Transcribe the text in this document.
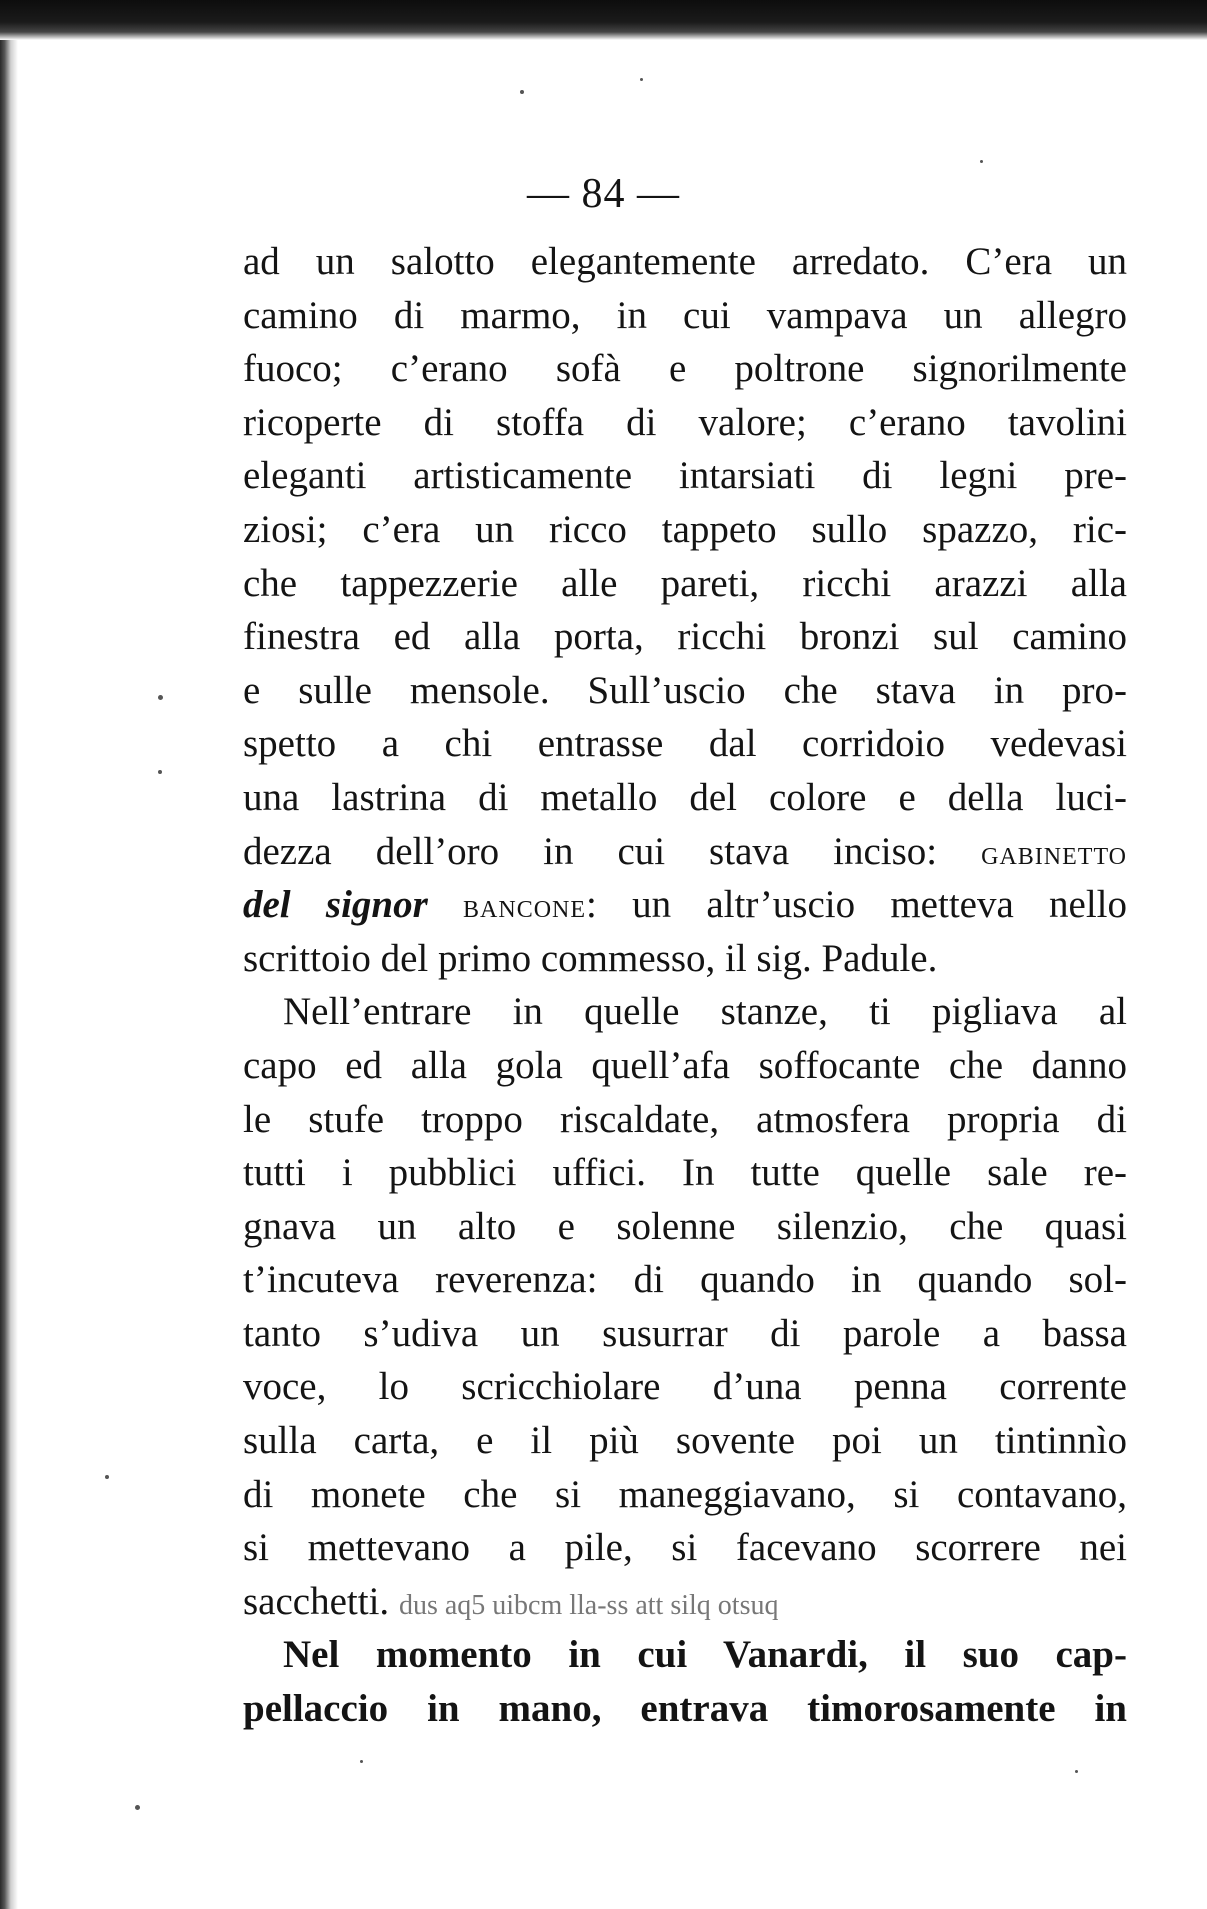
— 84 —
ad un salotto elegantemente arredato. C’era un
camino di marmo, in cui vampava un allegro
fuoco; c’erano sofà e poltrone signorilmente
ricoperte di stoffa di valore; c’erano tavolini
eleganti artisticamente intarsiati di legni pre-
ziosi; c’era un ricco tappeto sullo spazzo, ric-
che tappezzerie alle pareti, ricchi arazzi alla
finestra ed alla porta, ricchi bronzi sul camino
e sulle mensole. Sull’uscio che stava in pro-
spetto a chi entrasse dal corridoio vedevasi
una lastrina di metallo del colore e della luci-
dezza dell’oro in cui stava inciso: gabinetto
del signor bancone: un altr’uscio metteva nello
scrittoio del primo commesso, il sig. Padule.
Nell’entrare in quelle stanze, ti pigliava al
capo ed alla gola quell’afa soffocante che danno
le stufe troppo riscaldate, atmosfera propria di
tutti i pubblici uffici. In tutte quelle sale re-
gnava un alto e solenne silenzio, che quasi
t’incuteva reverenza: di quando in quando sol-
tanto s’udiva un susurrar di parole a bassa
voce, lo scricchiolare d’una penna corrente
sulla carta, e il più sovente poi un tintinnìo
di monete che si maneggiavano, si contavano,
si mettevano a pile, si facevano scorrere nei
sacchetti. dus aq5 uibcm lla-ss att silq otsuq
Nel momento in cui Vanardi, il suo cap-
pellaccio in mano, entrava timorosamente in
